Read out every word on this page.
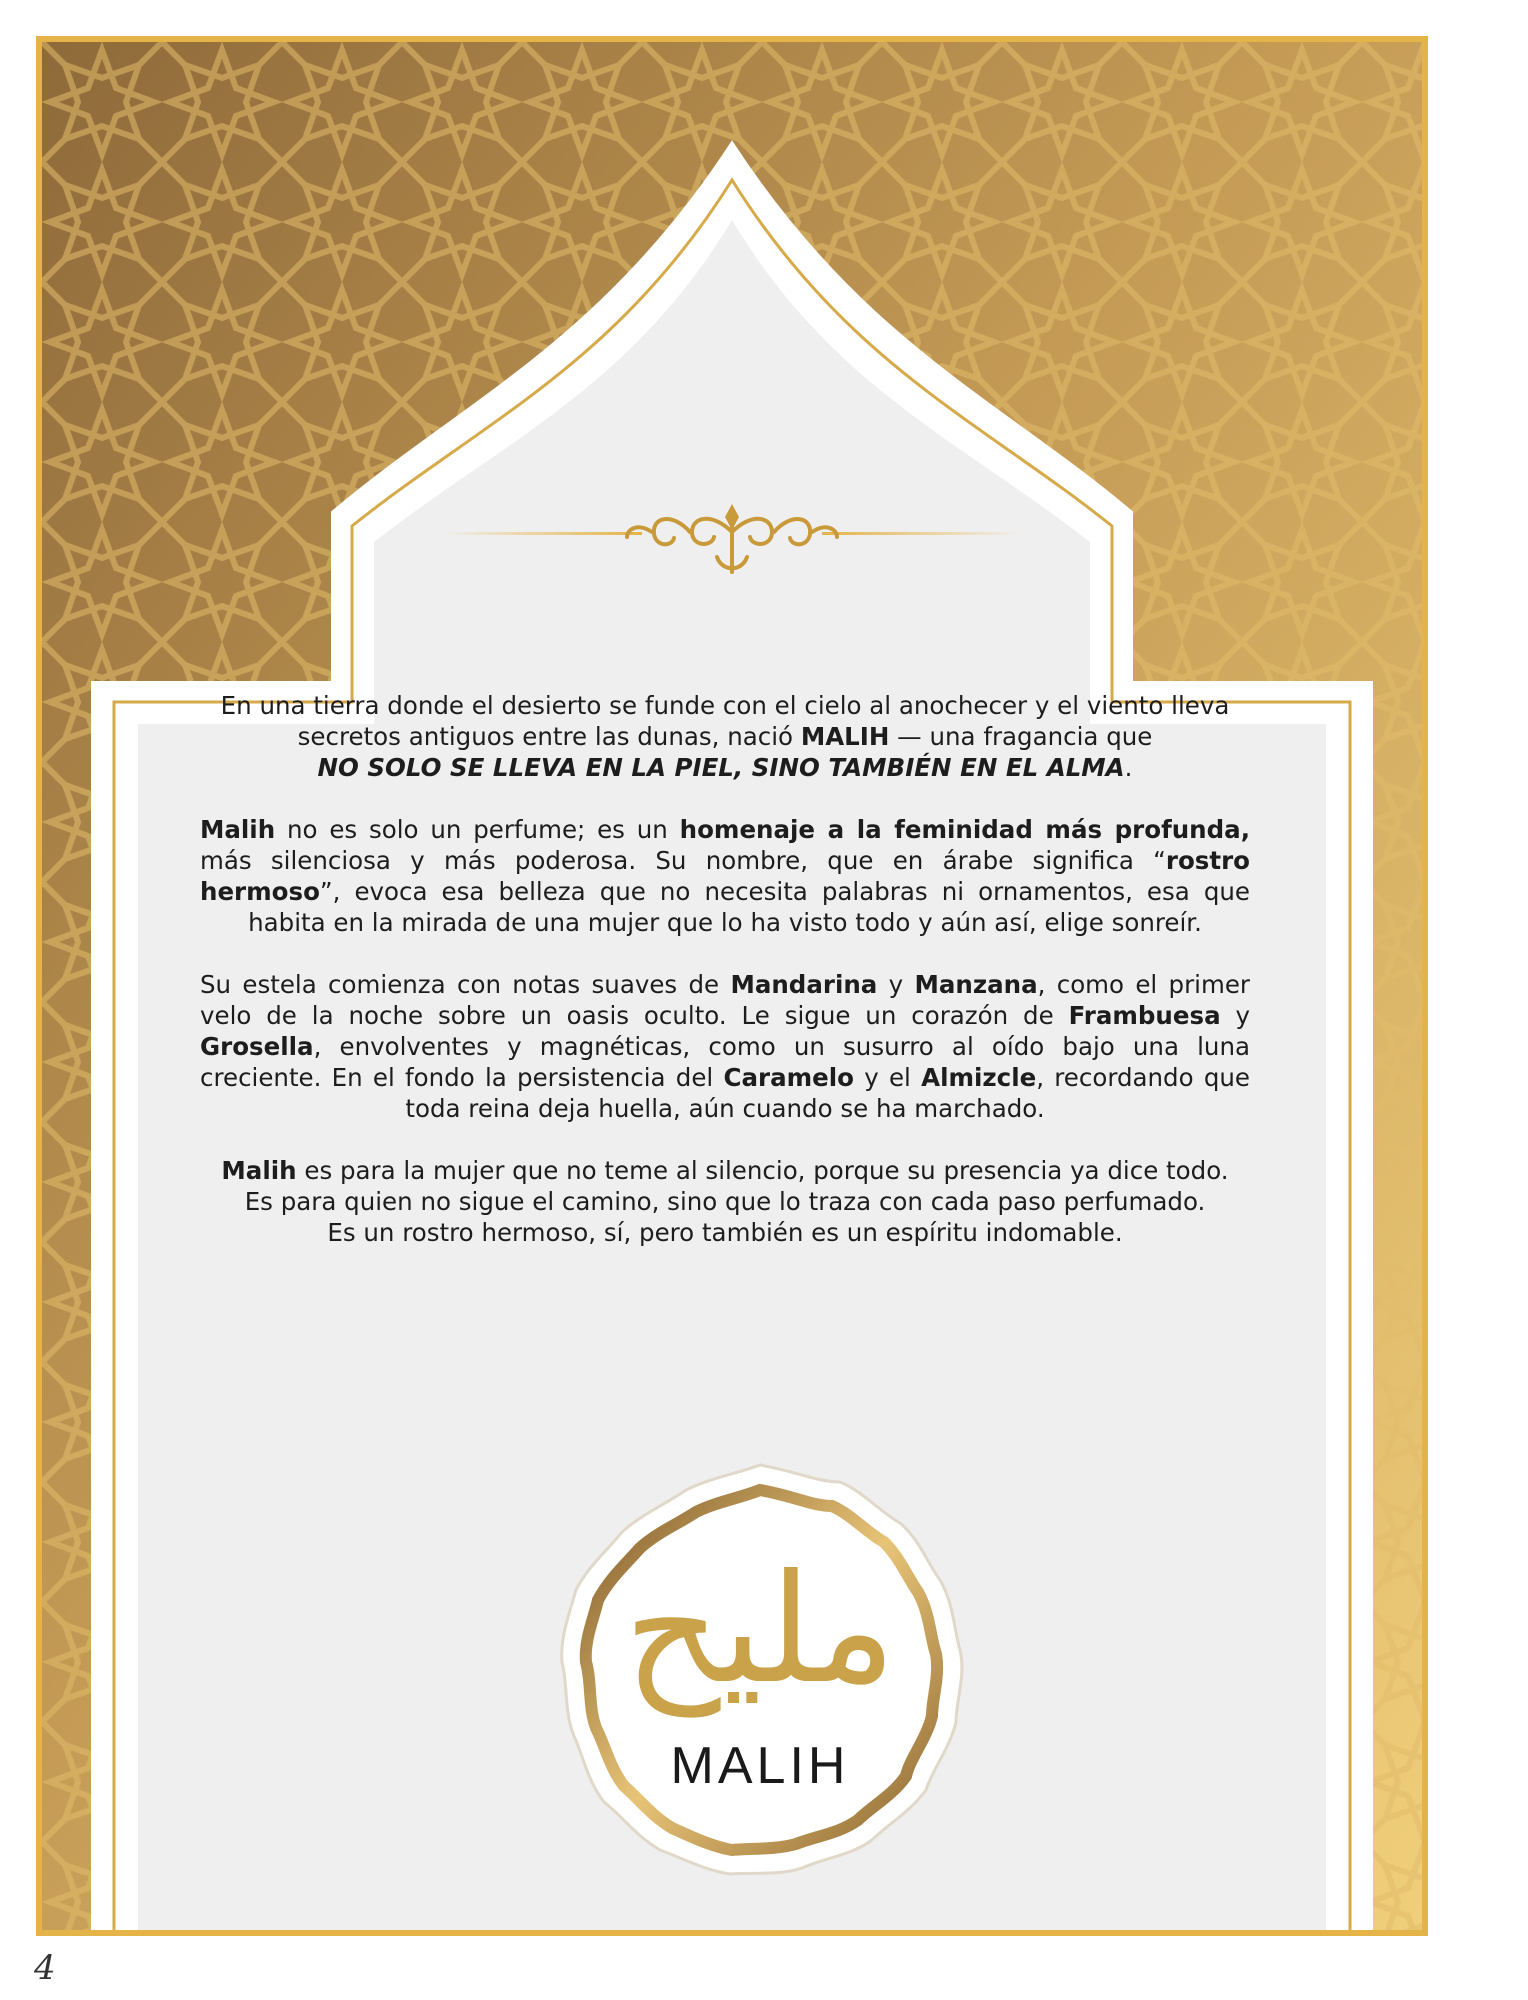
مليح
MALIH

En una tierra donde el desierto se funde con el cielo al anochecer y el viento lleva
secretos antiguos entre las dunas, nació MALIH — una fragancia que
NO SOLO SE LLEVA EN LA PIEL, SINO TAMBIÉN EN EL ALMA.

Malih no es solo un perfume; es un homenaje a la feminidad más profunda, más silenciosa y más poderosa. Su nombre, que en árabe significa “rostro hermoso”, evoca esa belleza que no necesita palabras ni ornamentos, esa que habita en la mirada de una mujer que lo ha visto todo y aún así, elige sonreír.

Su estela comienza con notas suaves de Mandarina y Manzana, como el primer velo de la noche sobre un oasis oculto. Le sigue un corazón de Frambuesa y Grosella, envolventes y magnéticas, como un susurro al oído bajo una luna creciente. En el fondo la persistencia del Caramelo y el Almizcle, recordando que toda reina deja huella, aún cuando se ha marchado.

Malih es para la mujer que no teme al silencio, porque su presencia ya dice todo.
Es para quien no sigue el camino, sino que lo traza con cada paso perfumado.
Es un rostro hermoso, sí, pero también es un espíritu indomable.

4
